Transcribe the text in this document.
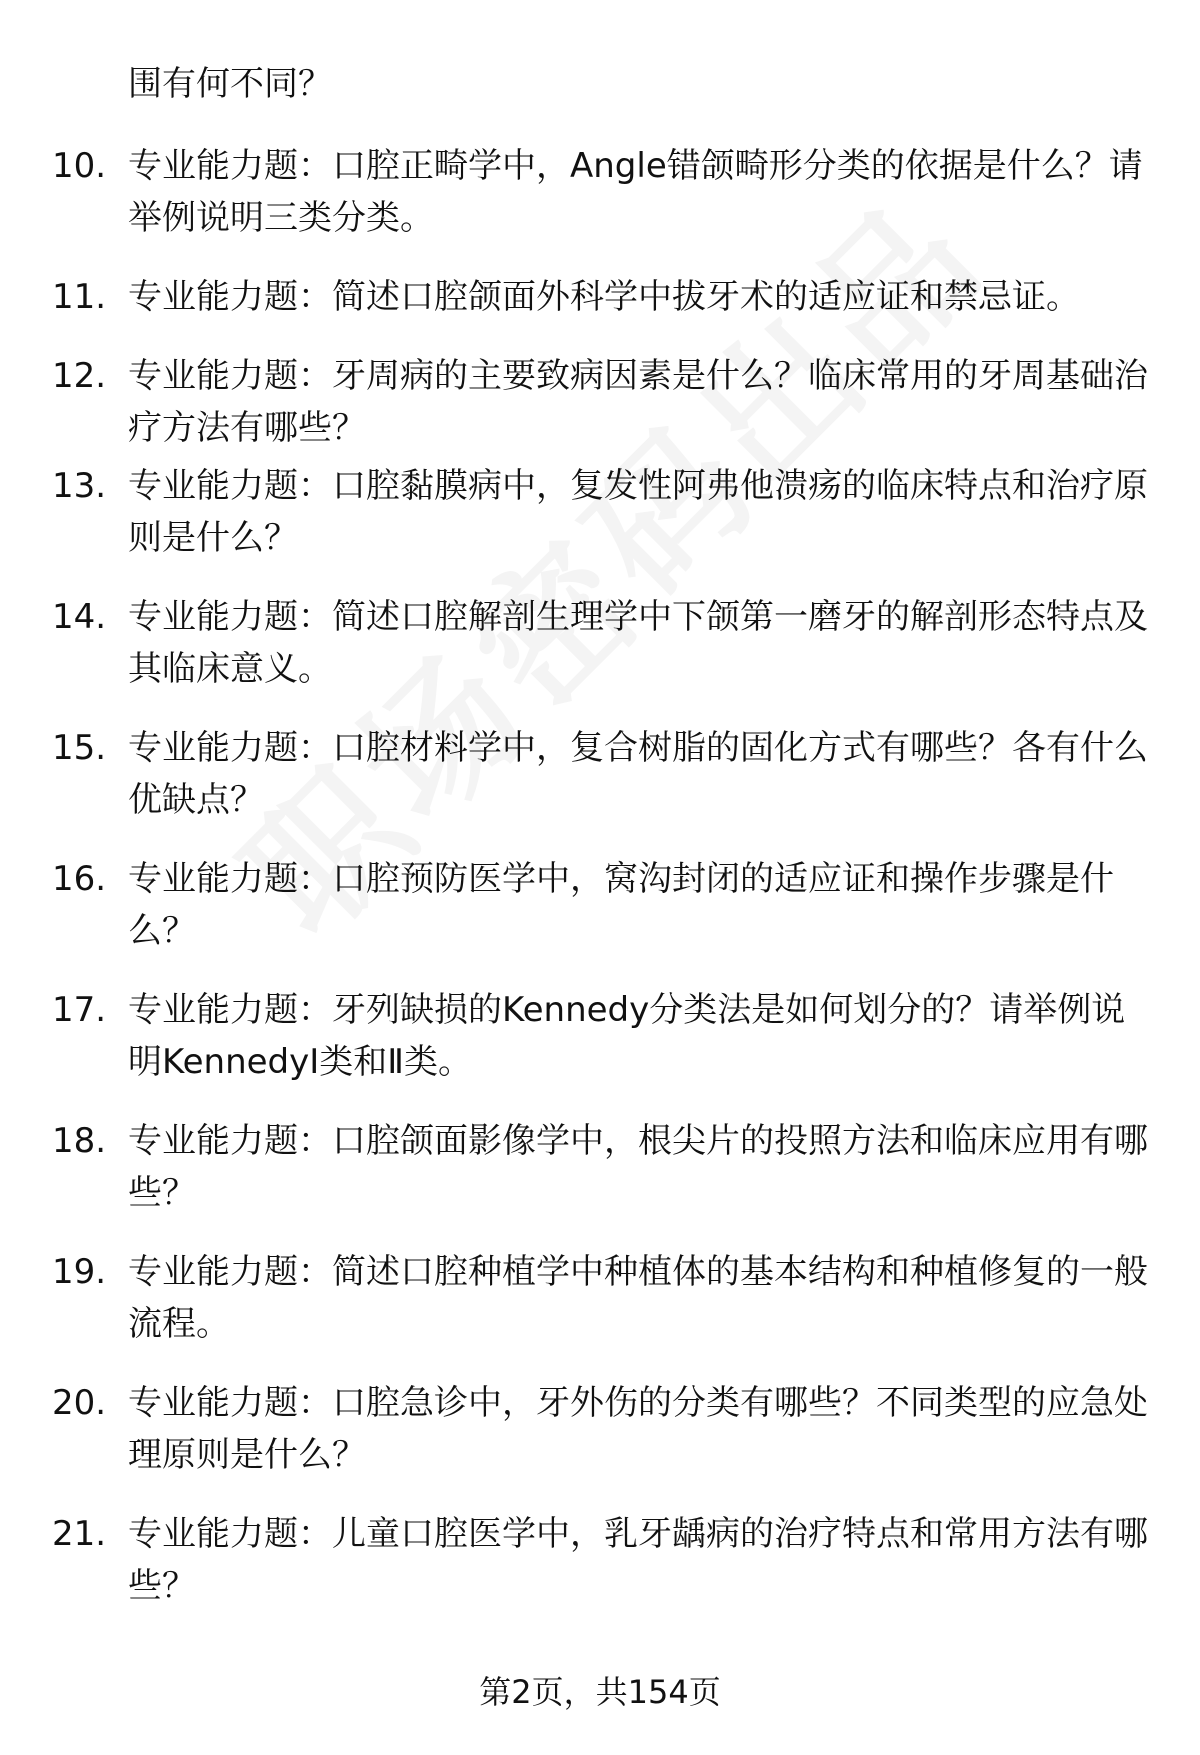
围有何不同？
10. 专业能力题：口腔正畸学中，Angle错颌畸形分类的依据是什么？请举例说明三类分类。
11. 专业能力题：简述口腔颌面外科学中拔牙术的适应证和禁忌证。
12. 专业能力题：牙周病的主要致病因素是什么？临床常用的牙周基础治疗方法有哪些？
13. 专业能力题：口腔黏膜病中，复发性阿弗他溃疡的临床特点和治疗原则是什么？
14. 专业能力题：简述口腔解剖生理学中下颌第一磨牙的解剖形态特点及其临床意义。
15. 专业能力题：口腔材料学中，复合树脂的固化方式有哪些？各有什么优缺点？
16. 专业能力题：口腔预防医学中，窝沟封闭的适应证和操作步骤是什么？
17. 专业能力题：牙列缺损的Kennedy分类法是如何划分的？请举例说明KennedyⅠ类和Ⅱ类。
18. 专业能力题：口腔颌面影像学中，根尖片的投照方法和临床应用有哪些？
19. 专业能力题：简述口腔种植学中种植体的基本结构和种植修复的一般流程。
20. 专业能力题：口腔急诊中，牙外伤的分类有哪些？不同类型的应急处理原则是什么？
21. 专业能力题：儿童口腔医学中，乳牙龋病的治疗特点和常用方法有哪些？
第2页，共154页
